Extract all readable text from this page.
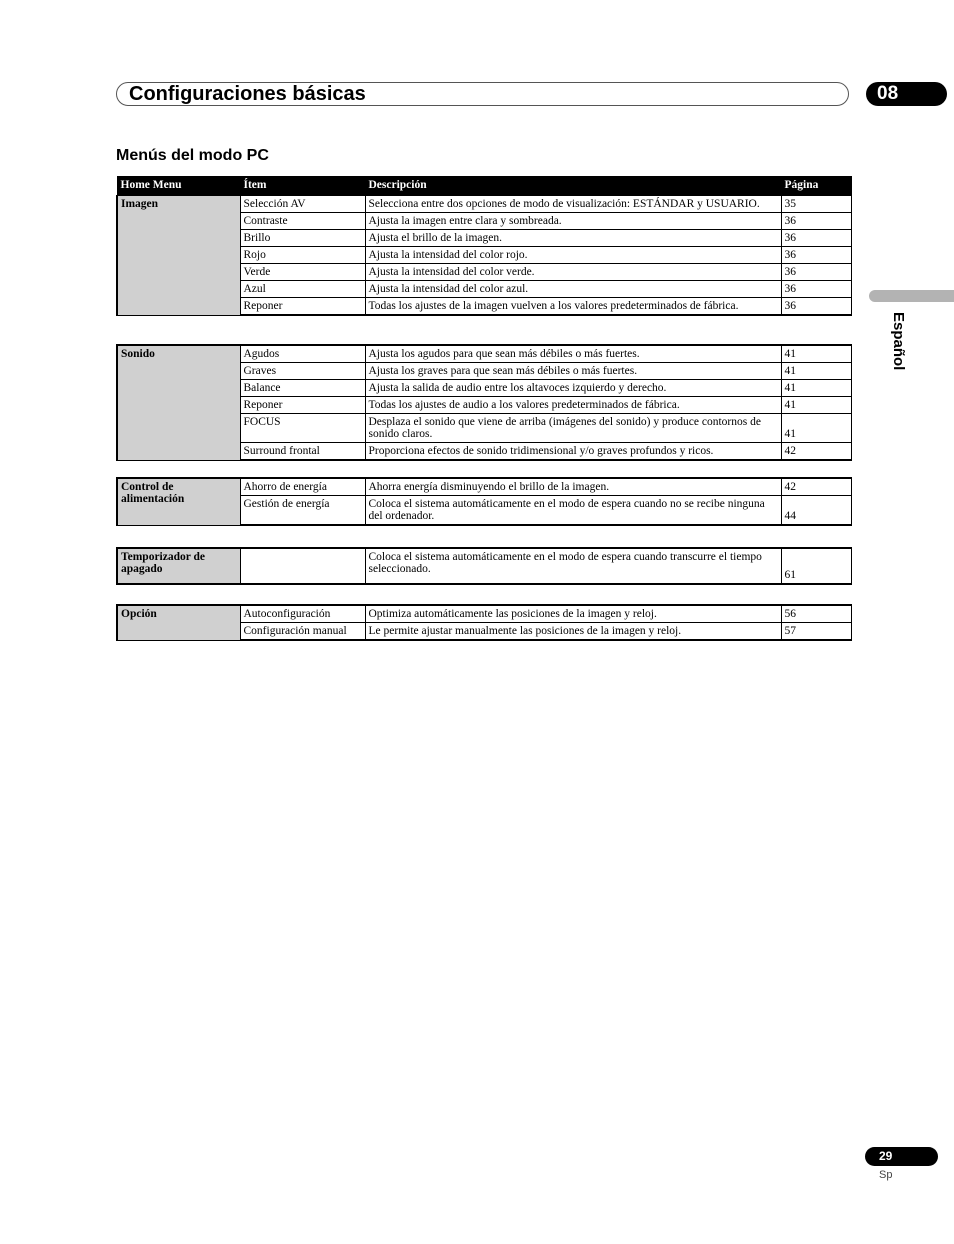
Configuraciones básicas	08
Menús del modo PC
Español
Home Menu	Ítem	Descripción	Página
Imagen	Selección AV	Selecciona entre dos opciones de modo de visualización: ESTÁNDAR y USUARIO.	35
	Contraste	Ajusta la imagen entre clara y sombreada.	36
	Brillo	Ajusta el brillo de la imagen.	36
	Rojo	Ajusta la intensidad del color rojo.	36
	Verde	Ajusta la intensidad del color verde.	36
	Azul	Ajusta la intensidad del color azul.	36
	Reponer	Todas los ajustes de la imagen vuelven a los valores predeterminados de fábrica.	36
Sonido	Agudos	Ajusta los agudos para que sean más débiles o más fuertes.	41
	Graves	Ajusta los graves para que sean más débiles o más fuertes.	41
	Balance	Ajusta la salida de audio entre los altavoces izquierdo y derecho.	41
	Reponer	Todas los ajustes de audio a los valores predeterminados de fábrica.	41
	FOCUS	Desplaza el sonido que viene de arriba (imágenes del sonido) y produce contornos de sonido claros.	41
	Surround frontal	Proporciona efectos de sonido tridimensional y/o graves profundos y ricos.	42
Control de alimentación	Ahorro de energía	Ahorra energía disminuyendo el brillo de la imagen.	42
	Gestión de energía	Coloca el sistema automáticamente en el modo de espera cuando no se recibe ninguna del ordenador.	44
Temporizador de apagado		Coloca el sistema automáticamente en el modo de espera cuando transcurre el tiempo seleccionado.	61
Opción	Autoconfiguración	Optimiza automáticamente las posiciones de la imagen y reloj.	56
	Configuración manual	Le permite ajustar manualmente las posiciones de la imagen y reloj.	57
29
Sp
